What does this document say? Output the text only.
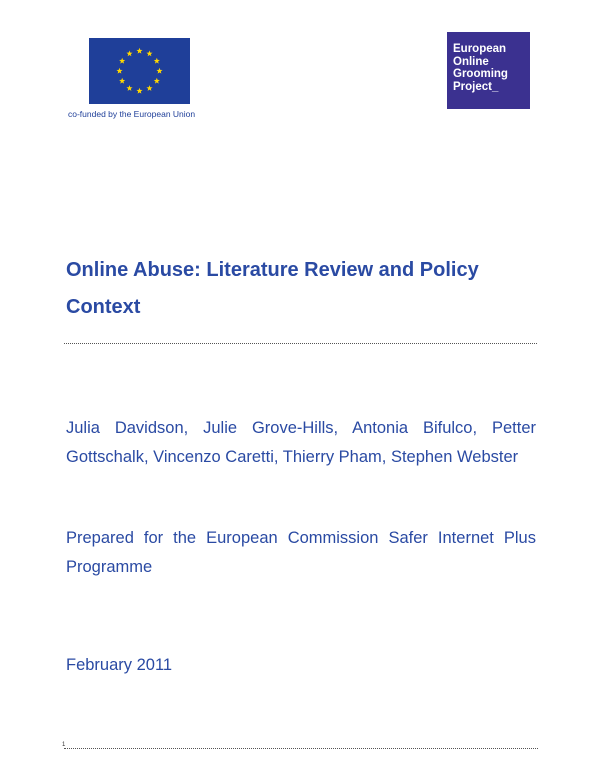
co-funded by the European Union
European
Online
Grooming
Project_
Online Abuse: Literature Review and Policy Context

Julia Davidson, Julie Grove-Hills, Antonia Bifulco, Petter Gottschalk, Vincenzo Caretti, Thierry Pham, Stephen Webster

Prepared for the European Commission Safer Internet Plus Programme

February 2011

1
